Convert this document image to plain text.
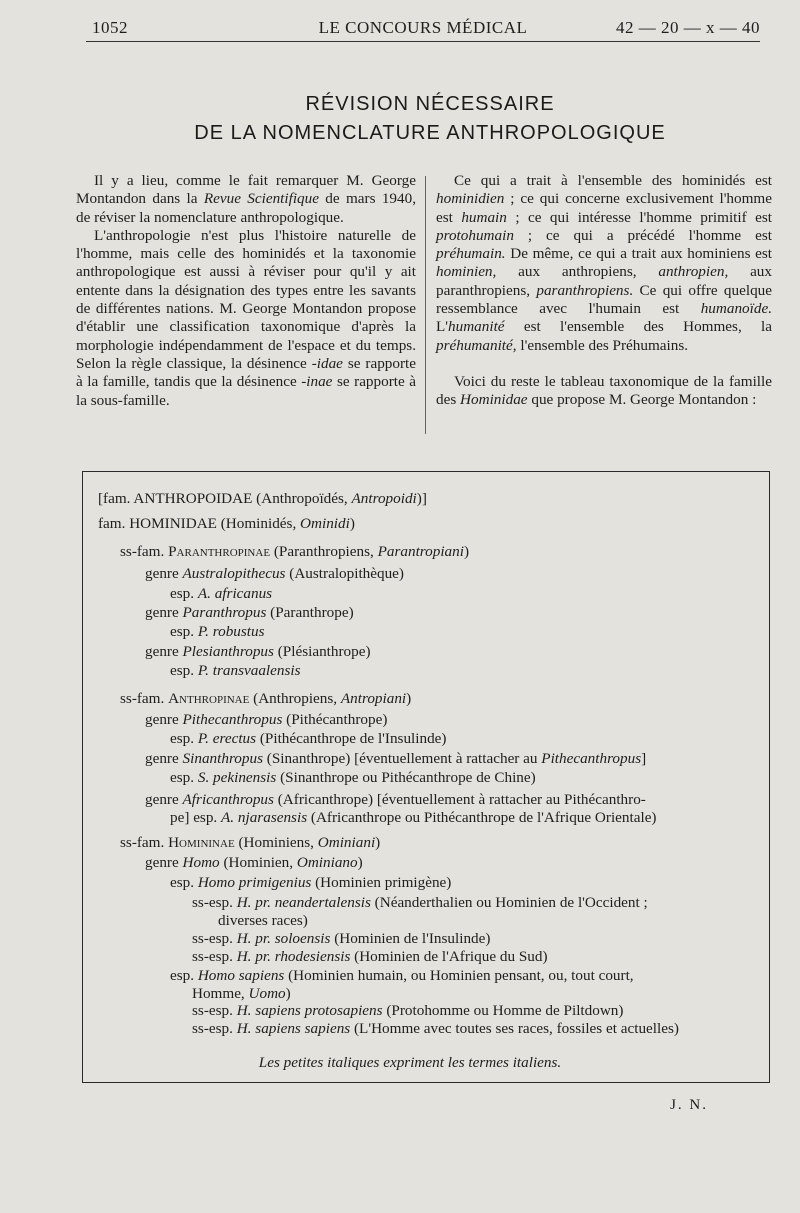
1052	LE CONCOURS MÉDICAL	42 — 20 — x — 40
RÉVISION NÉCESSAIRE
DE LA NOMENCLATURE ANTHROPOLOGIQUE

Il y a lieu, comme le fait remarquer M. George Montandon dans la Revue Scientifique de mars 1940, de réviser la nomenclature anthropologique.

L'anthropologie n'est plus l'histoire naturelle de l'homme, mais celle des hominidés et la taxonomie anthropologique est aussi à réviser pour qu'il y ait entente dans la désignation des types entre les savants de différentes nations. M. George Montandon propose d'établir une classification taxonomique d'après la morphologie indépendamment de l'espace et du temps. Selon la règle classique, la désinence -idae se rapporte à la famille, tandis que la désinence -inae se rapporte à la sous-famille.

Ce qui a trait à l'ensemble des hominidés est hominidien ; ce qui concerne exclusivement l'homme est humain ; ce qui intéresse l'homme primitif est protohumain ; ce qui a précédé l'homme est préhumain. De même, ce qui a trait aux hominiens est hominien, aux anthropiens, anthropien, aux paranthropiens, paranthropiens. Ce qui offre quelque ressemblance avec l'humain est humanoïde. L'humanité est l'ensemble des Hommes, la préhumanité, l'ensemble des Préhumains.

Voici du reste le tableau taxonomique de la famille des Hominidae que propose M. George Montandon :

[fam. ANTHROPOIDAE (Anthropoïdés, Antropoidi)]
fam. HOMINIDAE (Hominidés, Ominidi)
ss-fam. Paranthropinae (Paranthropiens, Parantropiani)
genre Australopithecus (Australopithèque)
esp. A. africanus
genre Paranthropus (Paranthrope)
esp. P. robustus
genre Plesianthropus (Plésianthrope)
esp. P. transvaalensis
ss-fam. Anthropinae (Anthropiens, Antropiani)
genre Pithecanthropus (Pithécanthrope)
esp. P. erectus (Pithécanthrope de l'Insulinde)
genre Sinanthropus (Sinanthrope) [éventuellement à rattacher au Pithecanthropus]
esp. S. pekinensis (Sinanthrope ou Pithécanthrope de Chine)
genre Africanthropus (Africanthrope) [éventuellement à rattacher au Pithécanthro-
pe] esp. A. njarasensis (Africanthrope ou Pithécanthrope de l'Afrique Orientale)
ss-fam. Homininae (Hominiens, Ominiani)
genre Homo (Hominien, Ominiano)
esp. Homo primigenius (Hominien primigène)
ss-esp. H. pr. neandertalensis (Néanderthalien ou Hominien de l'Occident ;
diverses races)
ss-esp. H. pr. soloensis (Hominien de l'Insulinde)
ss-esp. H. pr. rhodesiensis (Hominien de l'Afrique du Sud)
esp. Homo sapiens (Hominien humain, ou Hominien pensant, ou, tout court,
Homme, Uomo)
ss-esp. H. sapiens protosapiens (Protohomme ou Homme de Piltdown)
ss-esp. H. sapiens sapiens (L'Homme avec toutes ses races, fossiles et actuelles)
Les petites italiques expriment les termes italiens.
J. N.
